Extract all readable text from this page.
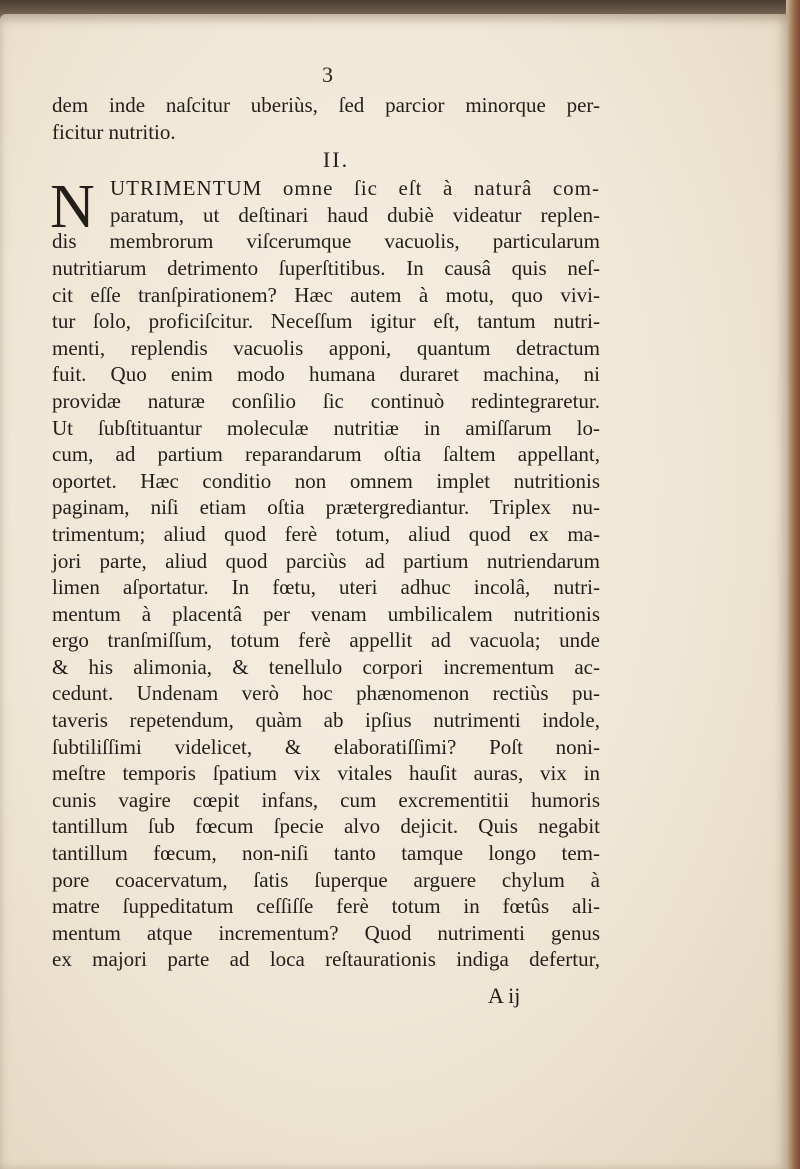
3
dem inde naſcitur uberiùs, ſed parcior minorque per-
ficitur nutritio.
II.
N UTRIMENTUM omne ſic eſt à naturâ com-
paratum, ut deſtinari haud dubiè videatur replen-
dis membrorum viſcerumque vacuolis, particularum
nutritiarum detrimento ſuperſtitibus. In causâ quis neſ-
cit eſſe tranſpirationem? Hæc autem à motu, quo vivi-
tur ſolo, proficiſcitur. Neceſſum igitur eſt, tantum nutri-
menti, replendis vacuolis apponi, quantum detractum
fuit. Quo enim modo humana duraret machina, ni
providæ naturæ conſilio ſic continuò redintegraretur.
Ut ſubſtituantur moleculæ nutritiæ in amiſſarum lo-
cum, ad partium reparandarum oſtia ſaltem appellant,
oportet. Hæc conditio non omnem implet nutritionis
paginam, niſi etiam oſtia prætergrediantur. Triplex nu-
trimentum; aliud quod ferè totum, aliud quod ex ma-
jori parte, aliud quod parciùs ad partium nutriendarum
limen aſportatur. In fœtu, uteri adhuc incolâ, nutri-
mentum à placentâ per venam umbilicalem nutritionis
ergo tranſmiſſum, totum ferè appellit ad vacuola; unde
& his alimonia, & tenellulo corpori incrementum ac-
cedunt. Undenam verò hoc phænomenon rectiùs pu-
taveris repetendum, quàm ab ipſius nutrimenti indole,
ſubtiliſſimi videlicet, & elaboratiſſimi? Poſt noni-
meſtre temporis ſpatium vix vitales hauſit auras, vix in
cunis vagire cœpit infans, cum excrementitii humoris
tantillum ſub fœcum ſpecie alvo dejicit. Quis negabit
tantillum fœcum, non-niſi tanto tamque longo tem-
pore coacervatum, ſatis ſuperque arguere chylum à
matre ſuppeditatum ceſſiſſe ferè totum in fœtûs ali-
mentum atque incrementum? Quod nutrimenti genus
ex majori parte ad loca reſtaurationis indiga defertur,
A ij
